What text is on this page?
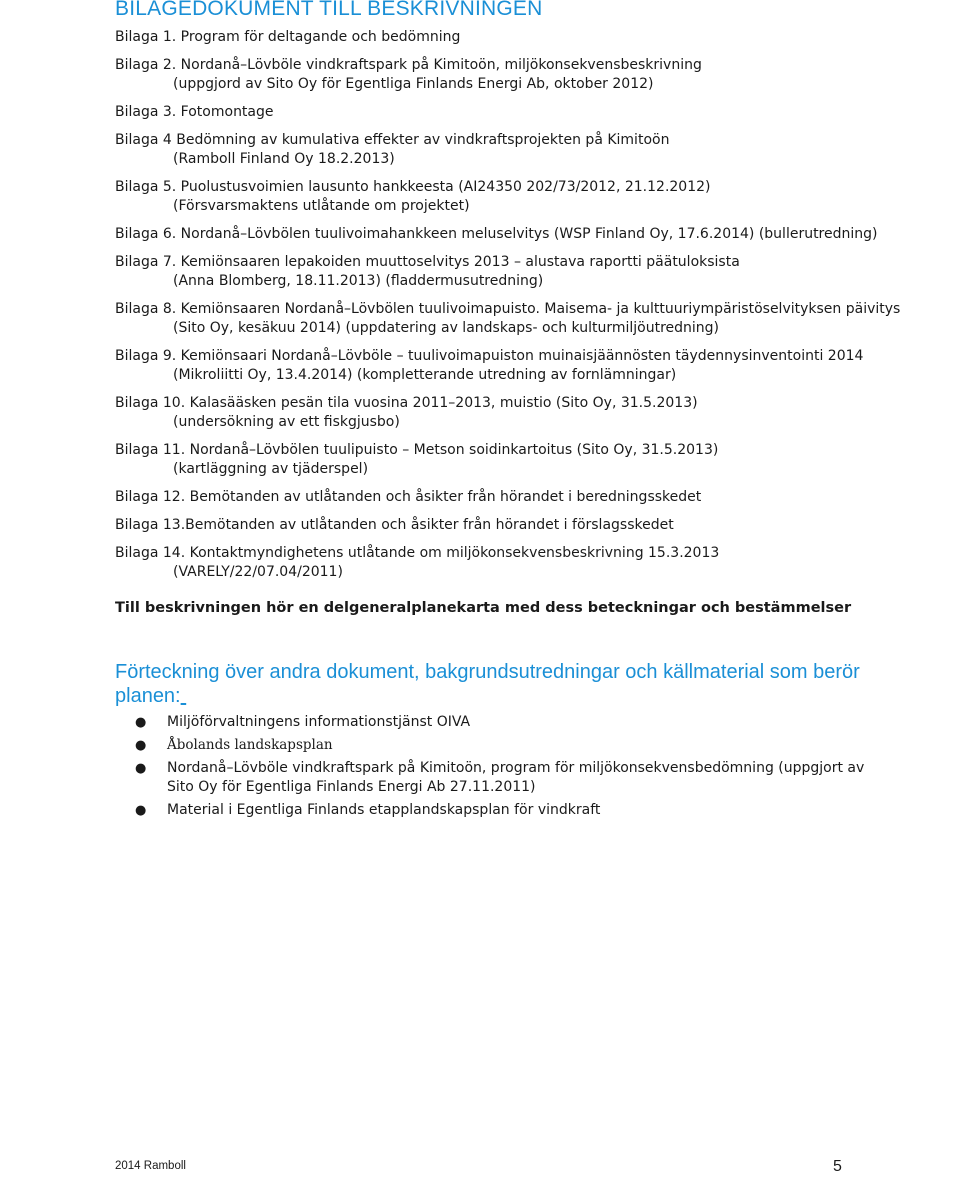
BILAGEDOKUMENT TILL BESKRIVNINGEN
Bilaga 1. Program för deltagande och bedömning
Bilaga 2. Nordanå–Lövböle vindkraftspark på Kimitoön, miljökonsekvensbeskrivning
(uppgjord av Sito Oy för Egentliga Finlands Energi Ab, oktober 2012)
Bilaga 3. Fotomontage
Bilaga 4 Bedömning av kumulativa effekter av vindkraftsprojekten på Kimitoön
(Ramboll Finland Oy 18.2.2013)
Bilaga 5. Puolustusvoimien lausunto hankkeesta (AI24350 202/73/2012, 21.12.2012)
(Försvarsmaktens utlåtande om projektet)
Bilaga 6. Nordanå–Lövbölen tuulivoimahankkeen meluselvitys (WSP Finland Oy, 17.6.2014) (bullerutredning)
Bilaga 7. Kemiönsaaren lepakoiden muuttoselvitys 2013 – alustava raportti päätuloksista
(Anna Blomberg, 18.11.2013) (fladdermusutredning)
Bilaga 8. Kemiönsaaren Nordanå–Lövbölen tuulivoimapuisto. Maisema- ja kulttuuriympäristöselvityksen päivitys
(Sito Oy, kesäkuu 2014) (uppdatering av landskaps- och kulturmiljöutredning)
Bilaga 9. Kemiönsaari Nordanå–Lövböle – tuulivoimapuiston muinaisjäännösten täydennysinventointi 2014
(Mikroliitti Oy, 13.4.2014) (kompletterande utredning av fornlämningar)
Bilaga 10. Kalasääsken pesän tila vuosina 2011–2013, muistio (Sito Oy, 31.5.2013)
(undersökning av ett fiskgjusbo)
Bilaga 11. Nordanå–Lövbölen tuulipuisto – Metson soidinkartoitus (Sito Oy, 31.5.2013)
(kartläggning av tjäderspel)
Bilaga 12. Bemötanden av utlåtanden och åsikter från hörandet i beredningsskedet
Bilaga 13.Bemötanden av utlåtanden och åsikter från hörandet i förslagsskedet
Bilaga 14. Kontaktmyndighetens utlåtande om miljökonsekvensbeskrivning 15.3.2013
(VARELY/22/07.04/2011)

Till beskrivningen hör en delgeneralplanekarta med dess beteckningar och bestämmelser

Förteckning över andra dokument, bakgrundsutredningar och källmaterial som berör planen:
● Miljöförvaltningens informationstjänst OIVA
● Åbolands landskapsplan
● Nordanå–Lövböle vindkraftspark på Kimitoön, program för miljökonsekvensbedömning (uppgjort av Sito Oy för Egentliga Finlands Energi Ab 27.11.2011)
● Material i Egentliga Finlands etapplandskapsplan för vindkraft
2014 Ramboll	5
